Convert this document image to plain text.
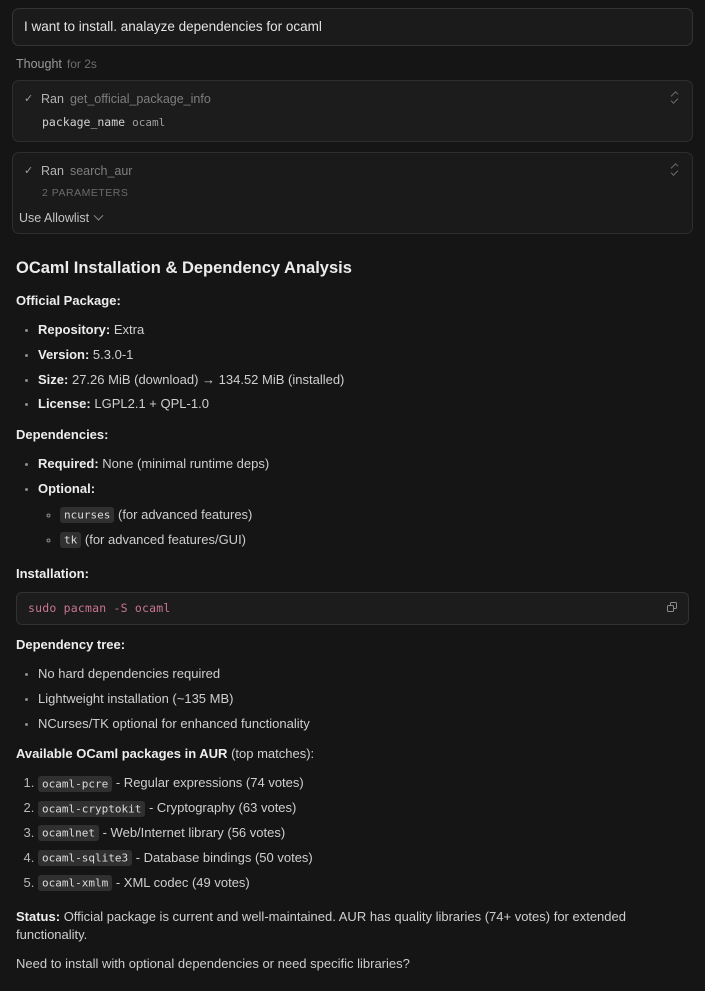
I want to install. analayze dependencies for ocaml
Thought for 2s
✓ Ran get_official_package_info
package_name ocaml
✓ Ran search_aur
2 PARAMETERS
Use Allowlist
OCaml Installation & Dependency Analysis
Official Package:
• Repository: Extra
• Version: 5.3.0-1
• Size: 27.26 MiB (download) → 134.52 MiB (installed)
• License: LGPL2.1 + QPL-1.0
Dependencies:
• Required: None (minimal runtime deps)
• Optional:
◦ ncurses (for advanced features)
◦ tk (for advanced features/GUI)
Installation:
sudo pacman -S ocaml
Dependency tree:
• No hard dependencies required
• Lightweight installation (~135 MB)
• NCurses/TK optional for enhanced functionality
Available OCaml packages in AUR (top matches):
1. ocaml-pcre - Regular expressions (74 votes)
2. ocaml-cryptokit - Cryptography (63 votes)
3. ocamlnet - Web/Internet library (56 votes)
4. ocaml-sqlite3 - Database bindings (50 votes)
5. ocaml-xmlm - XML codec (49 votes)
Status: Official package is current and well-maintained. AUR has quality libraries (74+ votes) for extended functionality.
Need to install with optional dependencies or need specific libraries?
